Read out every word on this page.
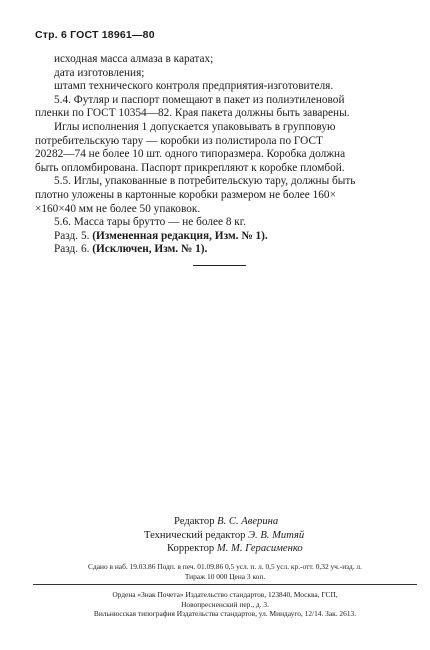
Стр. 6 ГОСТ 18961—80
исходная масса алмаза в каратах;
дата изготовления;
штамп технического контроля предприятия-изготовителя.
5.4. Футляр и паспорт помещают в пакет из полиэтиленовой
пленки по ГОСТ 10354—82. Края пакета должны быть заварены.
Иглы исполнения 1 допускается упаковывать в групповую
потребительскую тару — коробки из полистирола по ГОСТ
20282—74 не более 10 шт. одного типоразмера. Коробка должна
быть опломбирована. Паспорт прикрепляют к коробке пломбой.
5.5. Иглы, упакованные в потребительскую тару, должны быть
плотно уложены в картонные коробки размером не более 160×
×160×40 мм не более 50 упаковок.
5.6. Масса тары брутто — не более 8 кг.
Разд. 5. (Измененная редакция, Изм. № 1).
Разд. 6. (Исключен, Изм. № 1).
Редактор В. С. Аверина
Технический редактор Э. В. Митяй
Корректор М. М. Герасименко
Сдано в наб. 19.03.86 Подп. в печ. 01.09.86 0,5 усл. п. л. 0,5 усл. кр.-отт. 0,32 уч.-изд. л.
Тираж 10 000 Цена 3 коп.
Ордена «Знак Почета» Издательство стандартов, 123840, Москва, ГСП,
Новопресненский пер., д. 3.
Вильнюсская типография Издательства стандартов, ул. Миндауго, 12/14. Зак. 2613.
